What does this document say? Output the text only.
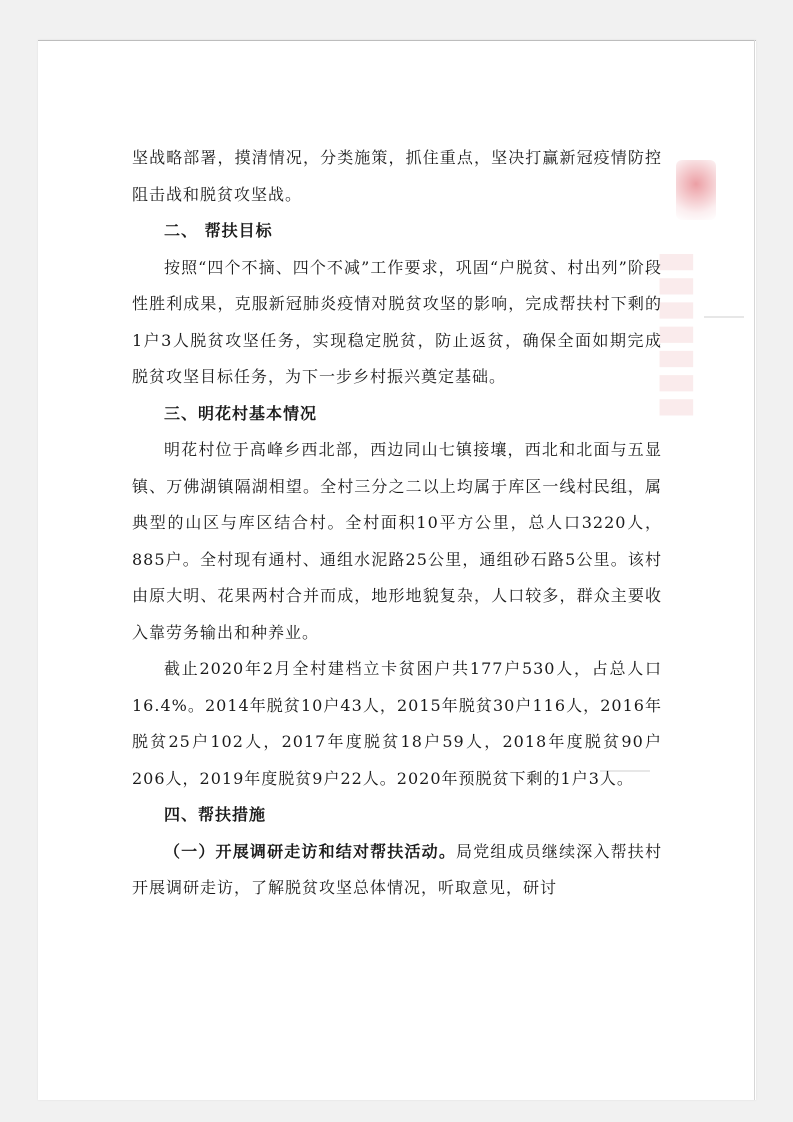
坚战略部署，摸清情况，分类施策，抓住重点，坚决打赢新冠疫情防控阻击战和脱贫攻坚战。

二、 帮扶目标

按照“四个不摘、四个不减”工作要求，巩固“户脱贫、村出列”阶段性胜利成果，克服新冠肺炎疫情对脱贫攻坚的影响，完成帮扶村下剩的1户3人脱贫攻坚任务，实现稳定脱贫，防止返贫，确保全面如期完成脱贫攻坚目标任务，为下一步乡村振兴奠定基础。

三、明花村基本情况

明花村位于高峰乡西北部，西边同山七镇接壤，西北和北面与五显镇、万佛湖镇隔湖相望。全村三分之二以上均属于库区一线村民组，属典型的山区与库区结合村。全村面积10平方公里，总人口3220人，885户。全村现有通村、通组水泥路25公里，通组砂石路5公里。该村由原大明、花果两村合并而成，地形地貌复杂，人口较多，群众主要收入靠劳务输出和种养业。

截止2020年2月全村建档立卡贫困户共177户530人，占总人口16.4%。2014年脱贫10户43人，2015年脱贫30户116人，2016年脱贫25户102人，2017年度脱贫18户59人，2018年度脱贫90户206人，2019年度脱贫9户22人。2020年预脱贫下剩的1户3人。

四、帮扶措施

（一）开展调研走访和结对帮扶活动。局党组成员继续深入帮扶村开展调研走访，了解脱贫攻坚总体情况，听取意见，研讨
